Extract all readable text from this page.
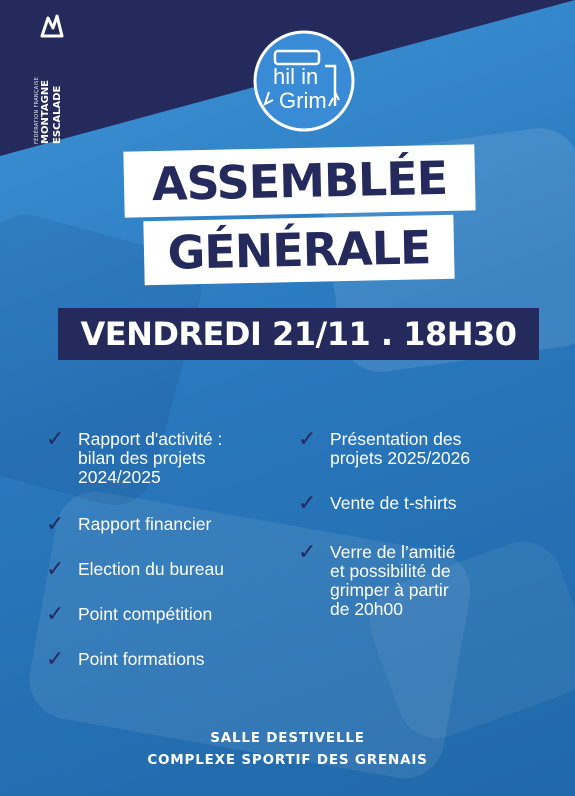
FÉDÉRATION FRANÇAISE MONTAGNE ESCALADE
hil in
Grim
ASSEMBLÉE
GÉNÉRALE
VENDREDI 21/11 . 18H30
✓ Rapport d'activité :
bilan des projets
2024/2025
✓ Rapport financier
✓ Election du bureau
✓ Point compétition
✓ Point formations
✓ Présentation des
projets 2025/2026
✓ Vente de t-shirts
✓ Verre de l’amitié
et possibilité de
grimper à partir
de 20h00
SALLE DESTIVELLE
COMPLEXE SPORTIF DES GRENAIS
